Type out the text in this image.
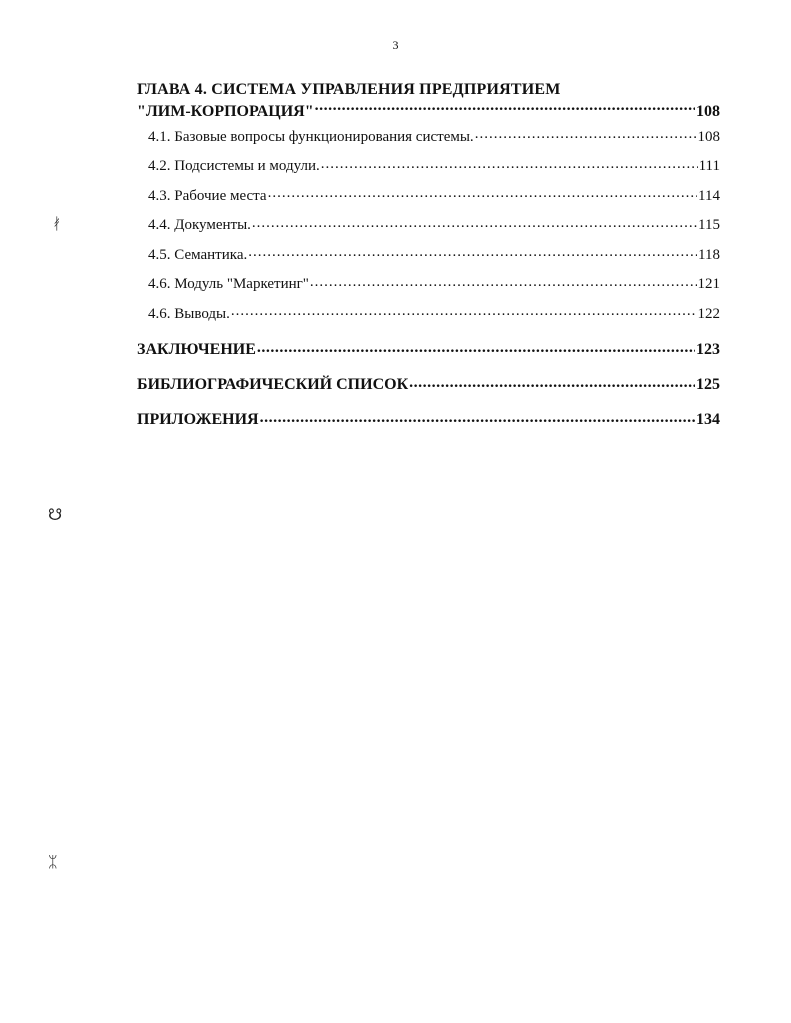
3
ГЛАВА 4. СИСТЕМА УПРАВЛЕНИЯ ПРЕДПРИЯТИЕМ
"ЛИМ-КОРПОРАЦИЯ" .....	108
4.1. Базовые вопросы функционирования системы. .....	108
4.2. Подсистемы и модули. .....	111
4.3. Рабочие места .....	114
4.4. Документы. .....	115
4.5. Семантика. .....	118
4.6. Модуль "Маркетинг" .....	121
4.6. Выводы. .....	122
ЗАКЛЮЧЕНИЕ .....	123
БИБЛИОГРАФИЧЕСКИЙ СПИСОК .....	125
ПРИЛОЖЕНИЯ .....	134
ᚯ
☋
ᛯ
